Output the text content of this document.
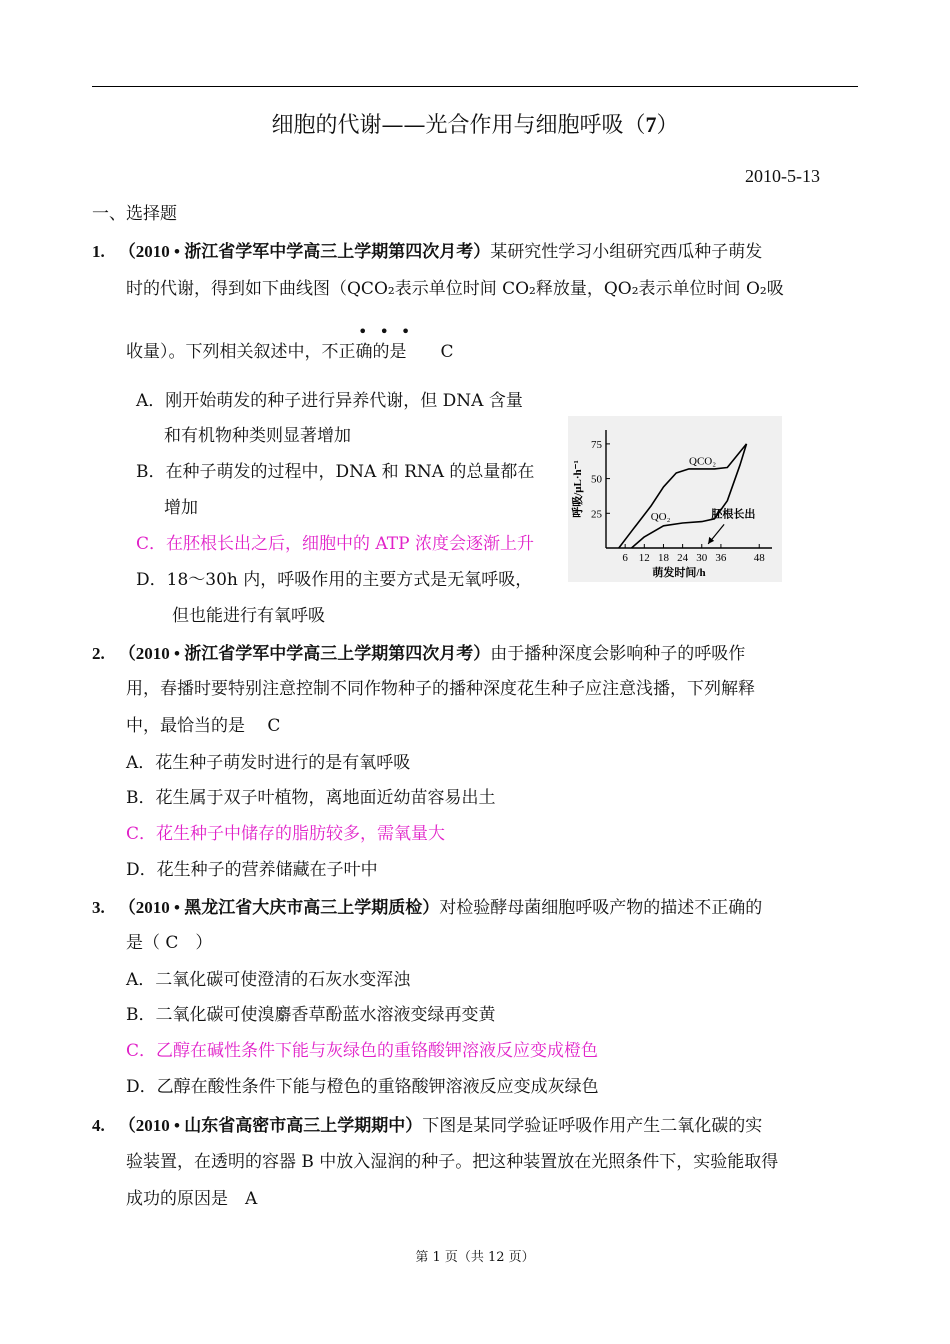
细胞的代谢——光合作用与细胞呼吸（7）
2010-5-13
一、选择题
1. （2010 • 浙江省学军中学高三上学期第四次月考）某研究性学习小组研究西瓜种子萌发
时的代谢，得到如下曲线图（QCO₂表示单位时间 CO₂释放量，QO₂表示单位时间 O₂吸
•••
收量）。下列相关叙述中，不正确的是　　C
A．刚开始萌发的种子进行异养代谢，但 DNA 含量
和有机物种类则显著增加
B．在种子萌发的过程中，DNA 和 RNA 的总量都在
增加
C．在胚根长出之后，细胞中的 ATP 浓度会逐渐上升
D．18～30h 内，呼吸作用的主要方式是无氧呼吸，
但也能进行有氧呼吸
25
50
75
6 12 18 24 30 36 48
萌发时间/h
呼吸/μL·h⁻¹	QCO₂
QO₂	胚根长出
2. （2010 • 浙江省学军中学高三上学期第四次月考）由于播种深度会影响种子的呼吸作
用，春播时要特别注意控制不同作物种子的播种深度花生种子应注意浅播，下列解释
中，最恰当的是　 C
A．花生种子萌发时进行的是有氧呼吸
B．花生属于双子叶植物，离地面近幼苗容易出土
C．花生种子中储存的脂肪较多，需氧量大
D．花生种子的营养储藏在子叶中
3. （2010 • 黑龙江省大庆市高三上学期质检）对检验酵母菌细胞呼吸产物的描述不正确的
是（ C　）
A．二氧化碳可使澄清的石灰水变浑浊
B．二氧化碳可使溴麝香草酚蓝水溶液变绿再变黄
C．乙醇在碱性条件下能与灰绿色的重铬酸钾溶液反应变成橙色
D．乙醇在酸性条件下能与橙色的重铬酸钾溶液反应变成灰绿色
4. （2010 • 山东省高密市高三上学期期中）下图是某同学验证呼吸作用产生二氧化碳的实
验装置，在透明的容器 B 中放入湿润的种子。把这种装置放在光照条件下，实验能取得
成功的原因是　A
第 1 页（共 12 页）
